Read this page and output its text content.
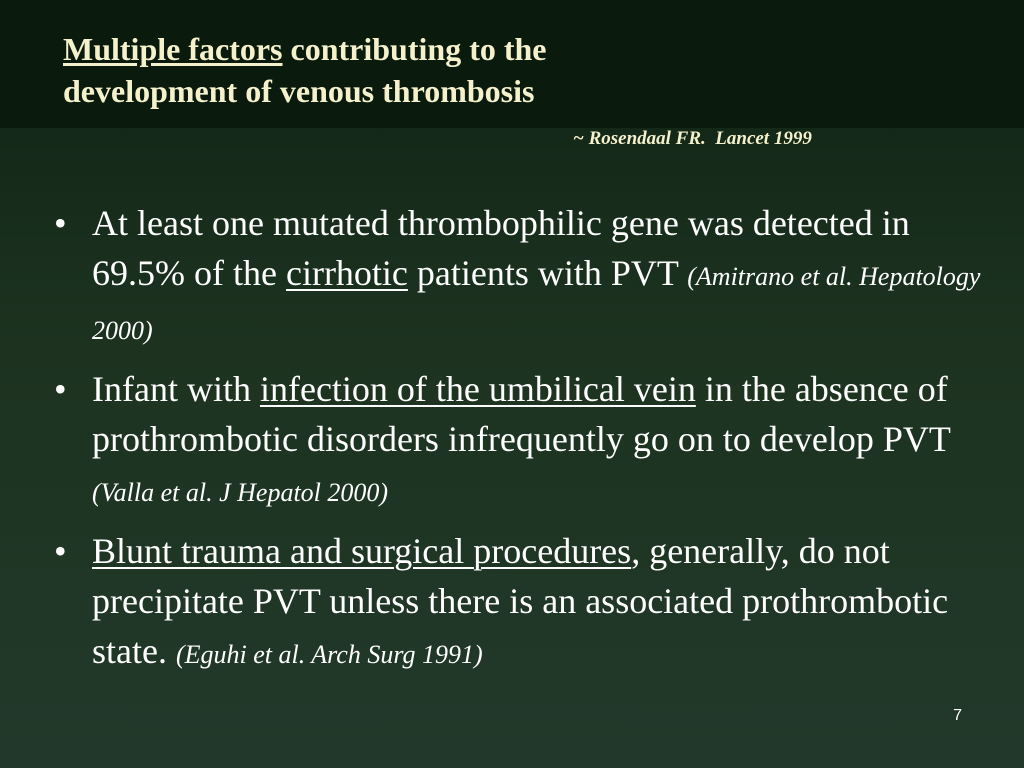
Multiple factors contributing to the
development of venous thrombosis
~ Rosendaal FR.  Lancet 1999
• At least one mutated thrombophilic gene was detected in 69.5% of the cirrhotic patients with PVT (Amitrano et al. Hepatology 2000)
• Infant with infection of the umbilical vein in the absence of prothrombotic disorders infrequently go on to develop PVT (Valla et al. J Hepatol 2000)
• Blunt trauma and surgical procedures, generally, do not precipitate PVT unless there is an associated prothrombotic state. (Eguhi et al. Arch Surg 1991)
7
